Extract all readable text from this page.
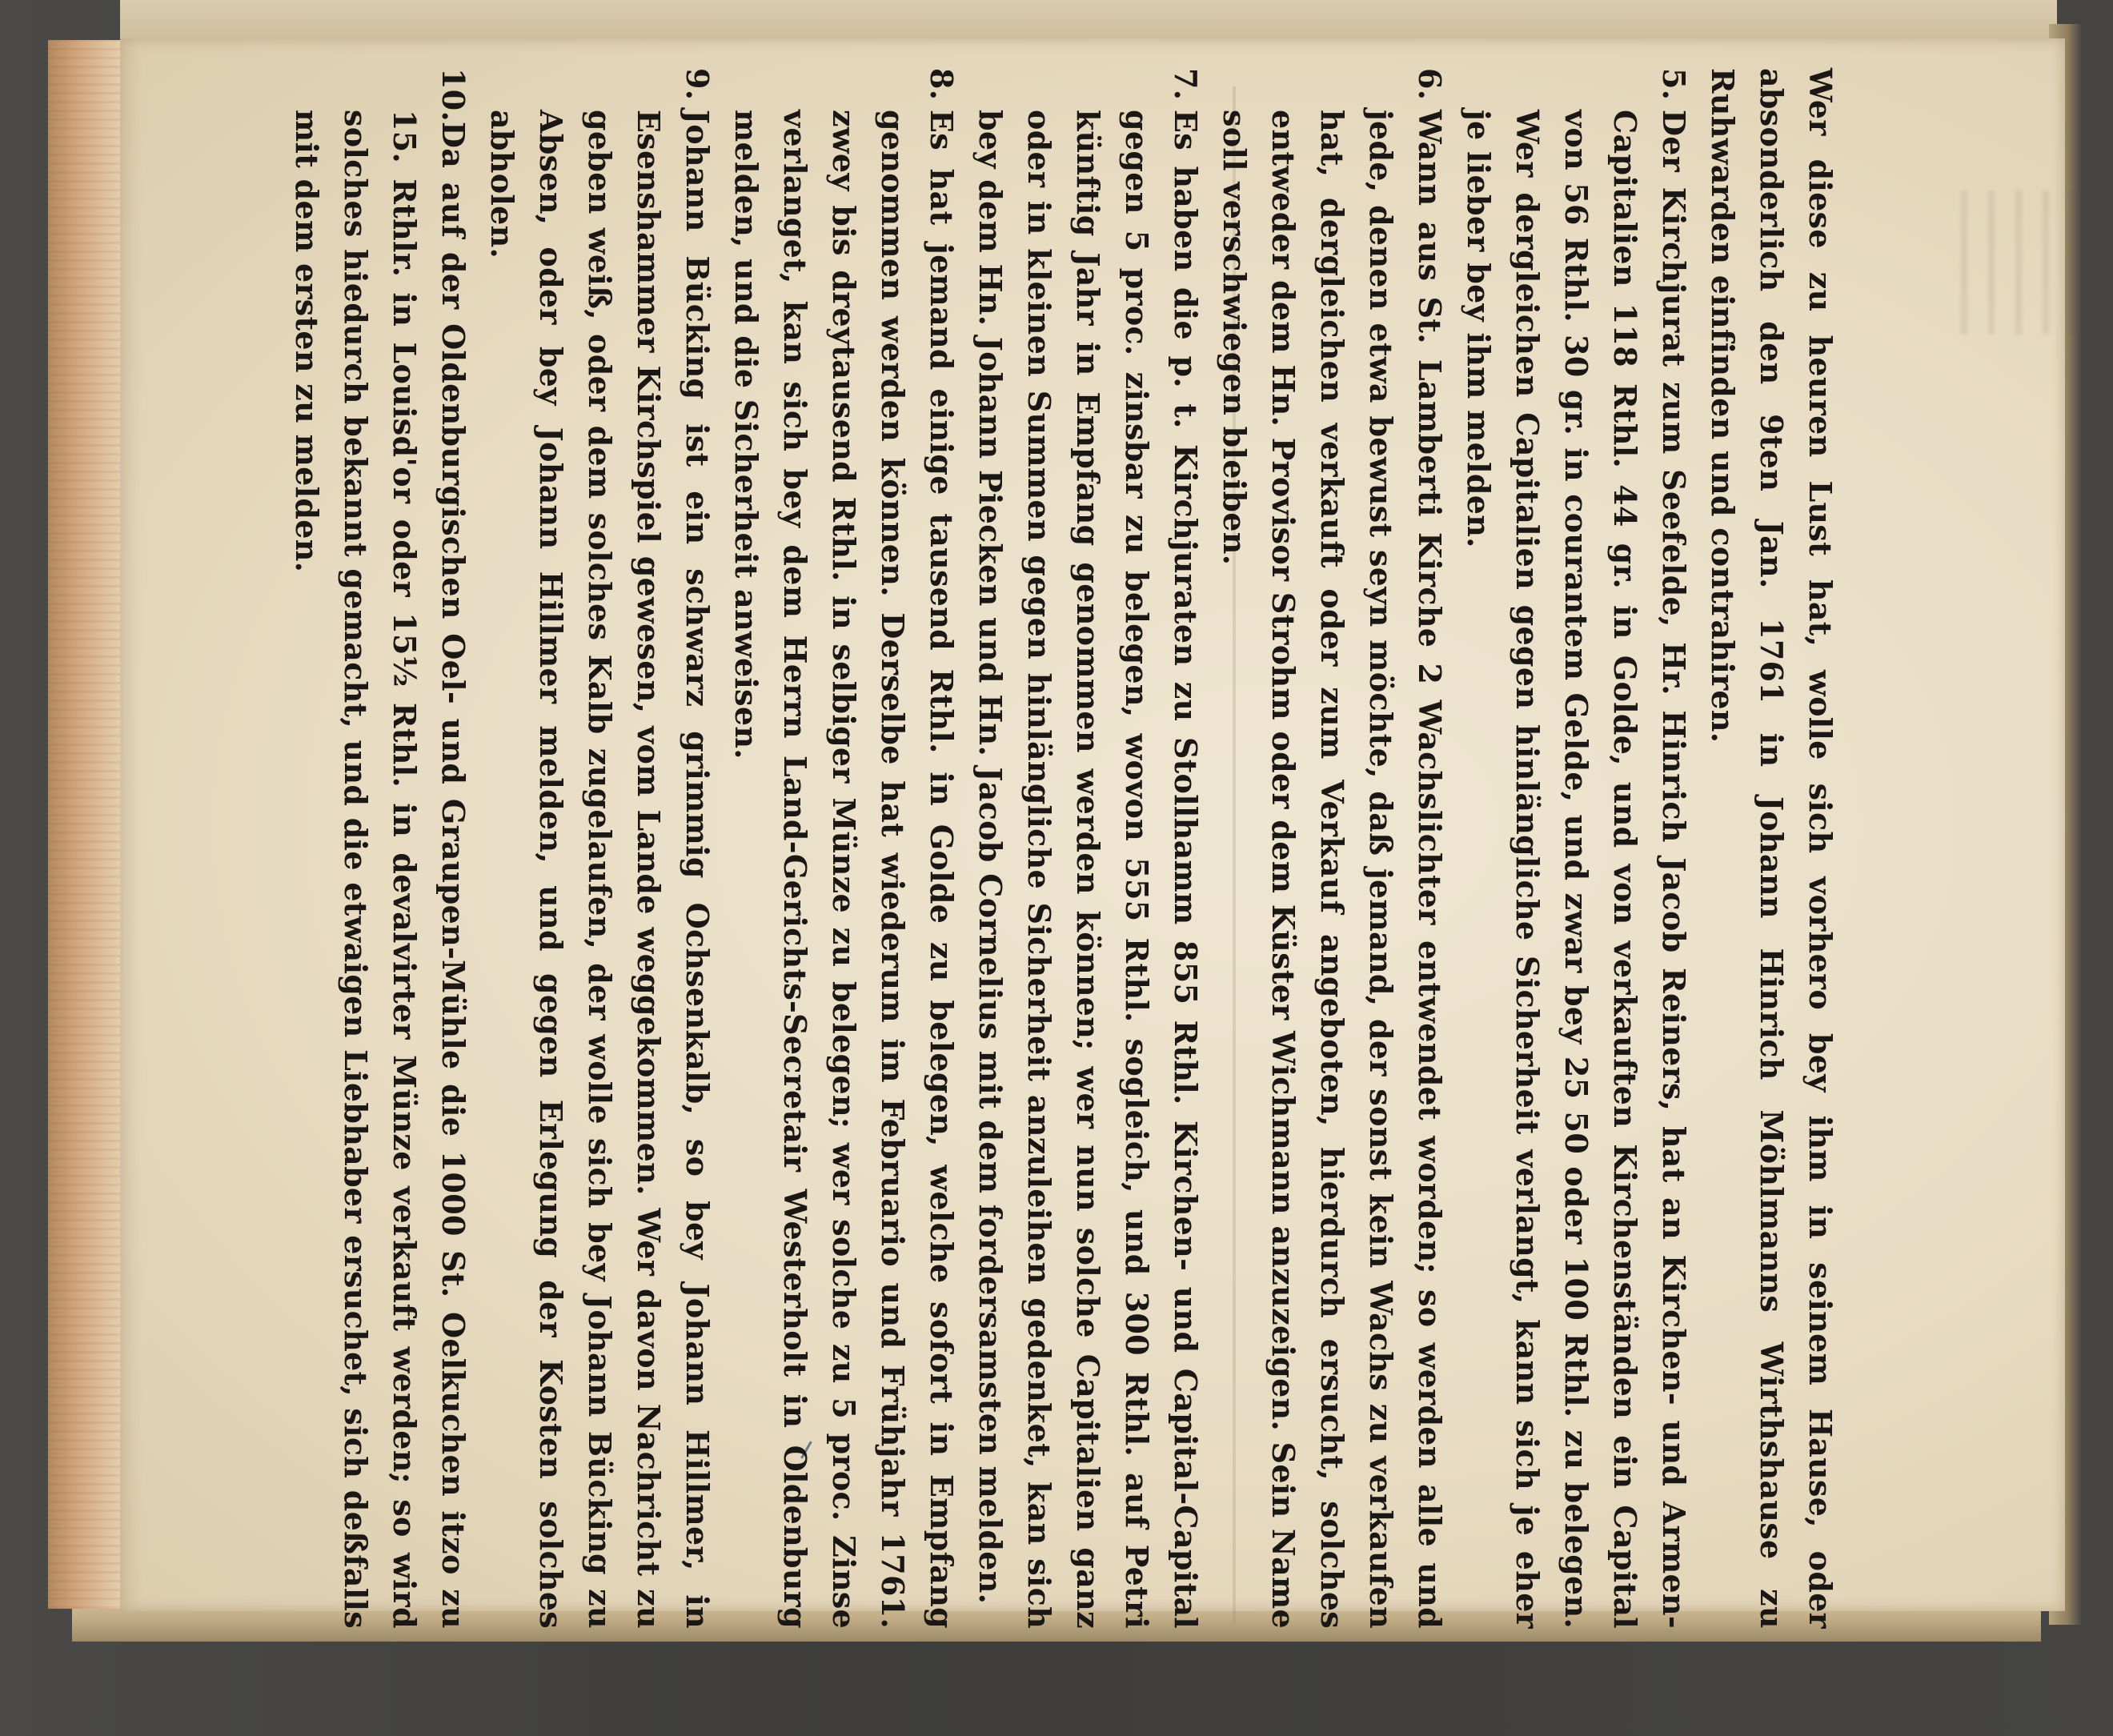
Wer diese zu heuren Lust hat, wolle sich vorhero bey ihm in seinem Hause, oder absonderlich den 9ten Jan. 1761 in Johann Hinrich Möhlmanns Wirthshause zu Ruhwarden einfinden und contrahiren.

5.Der Kirchjurat zum Seefelde, Hr. Hinrich Jacob Reiners, hat an Kirchen- und Armen-Capitalien 118 Rthl. 44 gr. in Golde, und von verkauften Kirchenständen ein Capital von 56 Rthl. 30 gr. in courantem Gelde, und zwar bey 25 50 oder 100 Rthl. zu belegen. Wer dergleichen Capitalien gegen hinlängliche Sicherheit verlangt, kann sich je eher je lieber bey ihm melden.

6.Wann aus St. Lamberti Kirche 2 Wachslichter entwendet worden; so werden alle und jede, denen etwa bewust seyn möchte, daß jemand, der sonst kein Wachs zu verkaufen hat, dergleichen verkauft oder zum Verkauf angeboten, hierdurch ersucht, solches entweder dem Hn. Provisor Strohm oder dem Küster Wichmann anzuzeigen. Sein Name soll verschwiegen bleiben.

7.Es haben die p. t. Kirchjuraten zu Stollhamm 855 Rthl. Kirchen- und Capital-Capital gegen 5 proc. zinsbar zu belegen, wovon 555 Rthl. sogleich, und 300 Rthl. auf Petri künftig Jahr in Empfang genommen werden können; wer nun solche Capitalien ganz oder in kleinen Summen gegen hinlängliche Sicherheit anzuleihen gedenket, kan sich bey dem Hn. Johann Piecken und Hn. Jacob Cornelius mit dem fordersamsten melden.

8.Es hat jemand einige tausend Rthl. in Golde zu belegen, welche sofort in Empfang genommen werden können. Derselbe hat wiederum im Februario und Frühjahr 1761. zwey bis dreytausend Rthl. in selbiger Münze zu belegen; wer solche zu 5 proc. Zinse verlanget, kan sich bey dem Herrn Land-Gerichts-Secretair Westerholt in Oldenburg melden, und die Sicherheit anweisen.

9.Johann Bücking ist ein schwarz grimmig Ochsenkalb, so bey Johann Hillmer, in Esenshammer Kirchspiel gewesen, vom Lande weggekommen. Wer davon Nachricht zu geben weiß, oder dem solches Kalb zugelaufen, der wolle sich bey Johann Bücking zu Absen, oder bey Johann Hillmer melden, und gegen Erlegung der Kosten solches abholen.

10.Da auf der Oldenburgischen Oel- und Graupen-Mühle die 1000 St. Oelkuchen itzo zu 15. Rthlr. in Louisd'or oder 15½ Rthl. in devalvirter Münze verkauft werden; so wird solches hiedurch bekannt gemacht, und die etwaigen Liebhaber ersuchet, sich deßfalls mit dem ersten zu melden.
